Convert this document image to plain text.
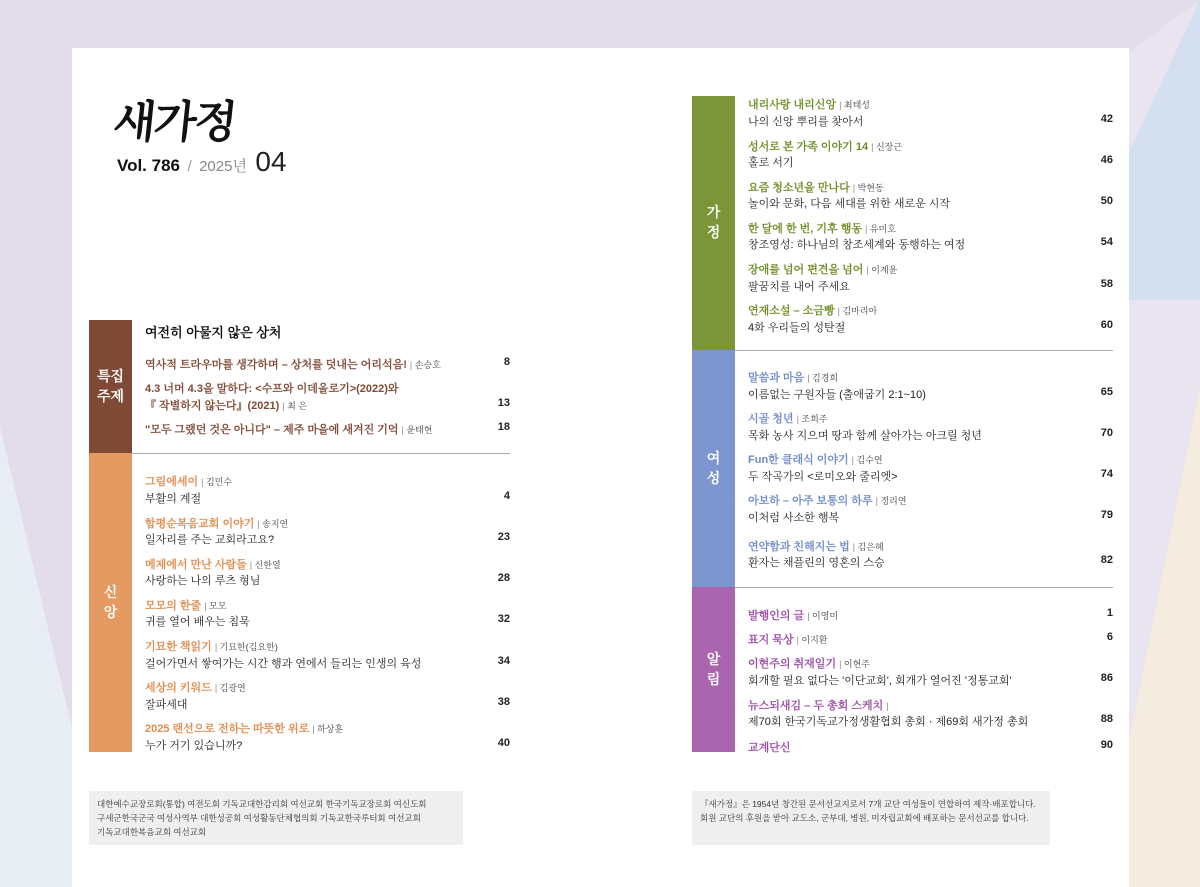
새가정
Vol. 786 / 2025년 04
특집 주제
신 앙
가 정
여 성
알 림
여전히 아물지 않은 상처
역사적 트라우마를 생각하며 – 상처를 덧내는 어리석음! | 손승호	8
4.3 너머 4.3을 말하다: <수프와 이데올로기>(2022)와
『 작별하지 않는다』(2021) | 최 은	13
"모두 그랬던 것은 아니다" – 제주 마을에 새겨진 기억 | 윤태현	18
그림에세이 | 김민수
부활의 계절	4
함평순복음교회 이야기 | 송지연
일자리를 주는 교회라고요?	23
메제에서 만난 사람들 | 신한열
사랑하는 나의 루츠 형님	28
모모의 한줄 | 모모
귀를 열어 배우는 침묵	32
기묘한 책읽기 | 기묘한(김요한)
걸어가면서 쌓여가는 시간 행과 연에서 들리는 인생의 육성	34
세상의 키워드 | 김광연
잘파세대	38
2025 랜선으로 전하는 따뜻한 위로 | 하상훈
누가 거기 있습니까?	40
내리사랑 내리신앙 | 최태성
나의 신앙 뿌리를 찾아서	42
성서로 본 가족 이야기 14 | 신장근
홀로 서기	46
요즘 청소년을 만나다 | 박현동
놀이와 문화, 다음 세대를 위한 새로운 시작	50
한 달에 한 번, 기후 행동 | 유미호
창조영성: 하나님의 창조세계와 동행하는 여정	54
장애를 넘어 편견을 넘어 | 이계윤
팔꿈치를 내어 주세요	58
연재소설 – 소금빵 | 김마리아
4화 우리들의 성탄절	60
말씀과 마음 | 김경희
이름없는 구원자들 (출애굽기 2:1~10)	65
시골 청년 | 조희주
목화 농사 지으며 땅과 함께 살아가는 아크릴 청년	70
Fun한 클래식 이야기 | 김수연
두 작곡가의 <로미오와 줄리엣>	74
아보하 – 아주 보통의 하루 | 정리연
이처럼 사소한 행복	79
연약함과 친해지는 법 | 김은혜
환자는 채플린의 영혼의 스승	82
발행인의 글 | 이영미	1
표지 묵상 | 이지환	6
이현주의 취재일기 | 이현주
회개할 필요 없다는 '이단교회', 회개가 열어진 '정통교회'	86
뉴스되새김 – 두 총회 스케치 |
제70회 한국기독교가정생활협회 총회 · 제69회 새가정 총회	88
교계단신	90
대한예수교장로회(통합) 여전도회 기독교대한감리회 여선교회 한국기독교장로회 여신도회
구세군한국군국 여성사역부 대한성공회 여성활동단체협의회 기독교한국루터회 여선교회
기독교대한복음교회 여선교회
『새가정』은 1954년 창간된 문서선교지로서 7개 교단 여성들이 연합하여 제작·배포합니다.
회원 교단의 후원을 받아 교도소, 군부대, 병원, 미자립교회에 배포하는 문서선교를 합니다.
